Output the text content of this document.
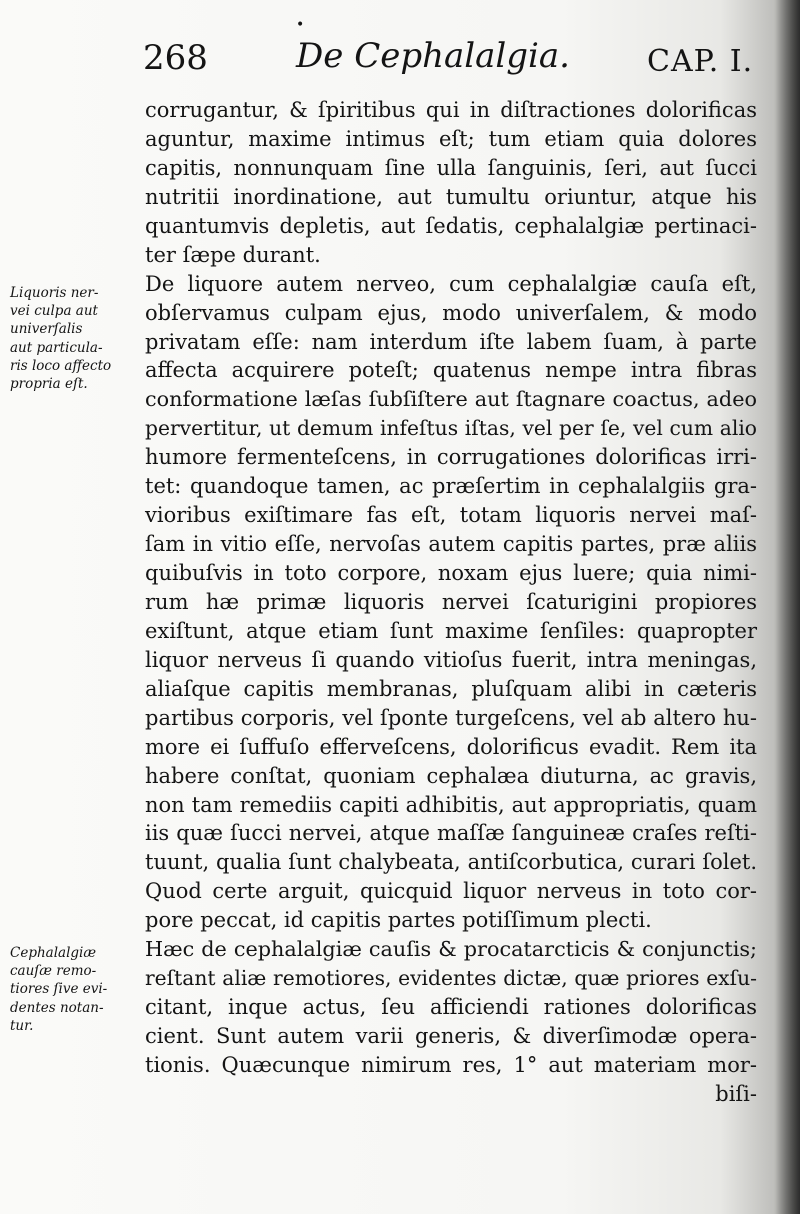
•
268	De Cephalalgia.	CAP. I.
Liquoris ner-
vei culpa aut
univerſalis
aut particula-
ris loco affecto
propria eſt.
Cephalalgiæ
cauſæ remo-
tiores ſive evi-
dentes notan-
tur.
corrugantur, & ſpiritibus qui in diſtractiones dolorificas
aguntur, maxime intimus eſt; tum etiam quia dolores
capitis, nonnunquam ſine ulla ſanguinis, ſeri, aut ſucci
nutritii inordinatione, aut tumultu oriuntur, atque his
quantumvis depletis, aut ſedatis, cephalalgiæ pertinaci-
ter ſæpe durant.
De liquore autem nerveo, cum cephalalgiæ cauſa eſt,
obſervamus culpam ejus, modo univerſalem, & modo
privatam eſſe: nam interdum iſte labem ſuam, à parte
affecta acquirere poteſt; quatenus nempe intra fibras
conformatione læſas ſubſiſtere aut ſtagnare coactus, adeo
pervertitur, ut demum infeſtus iſtas, vel per ſe, vel cum alio
humore fermenteſcens, in corrugationes dolorificas irri-
tet: quandoque tamen, ac præſertim in cephalalgiis gra-
vioribus exiſtimare fas eſt, totam liquoris nervei maſ-
ſam in vitio eſſe, nervoſas autem capitis partes, præ aliis
quibuſvis in toto corpore, noxam ejus luere; quia nimi-
rum hæ primæ liquoris nervei ſcaturigini propiores
exiſtunt, atque etiam ſunt maxime ſenſiles: quapropter
liquor nerveus ſi quando vitioſus fuerit, intra meningas,
aliaſque capitis membranas, pluſquam alibi in cæteris
partibus corporis, vel ſponte turgeſcens, vel ab altero hu-
more ei ſuffuſo efferveſcens, dolorificus evadit. Rem ita
habere conſtat, quoniam cephalæa diuturna, ac gravis,
non tam remediis capiti adhibitis, aut appropriatis, quam
iis quæ ſucci nervei, atque maſſæ ſanguineæ craſes reſti-
tuunt, qualia ſunt chalybeata, antiſcorbutica, curari ſolet.
Quod certe arguit, quicquid liquor nerveus in toto cor-
pore peccat, id capitis partes potiſſimum plecti.
Hæc de cephalalgiæ cauſis & procatarcticis & conjunctis;
reſtant aliæ remotiores, evidentes dictæ, quæ priores exſu-
citant, inque actus, ſeu afficiendi rationes dolorificas
cient. Sunt autem varii generis, & diverſimodæ opera-
tionis. Quæcunque nimirum res, 1° aut materiam mor-
biſi-
